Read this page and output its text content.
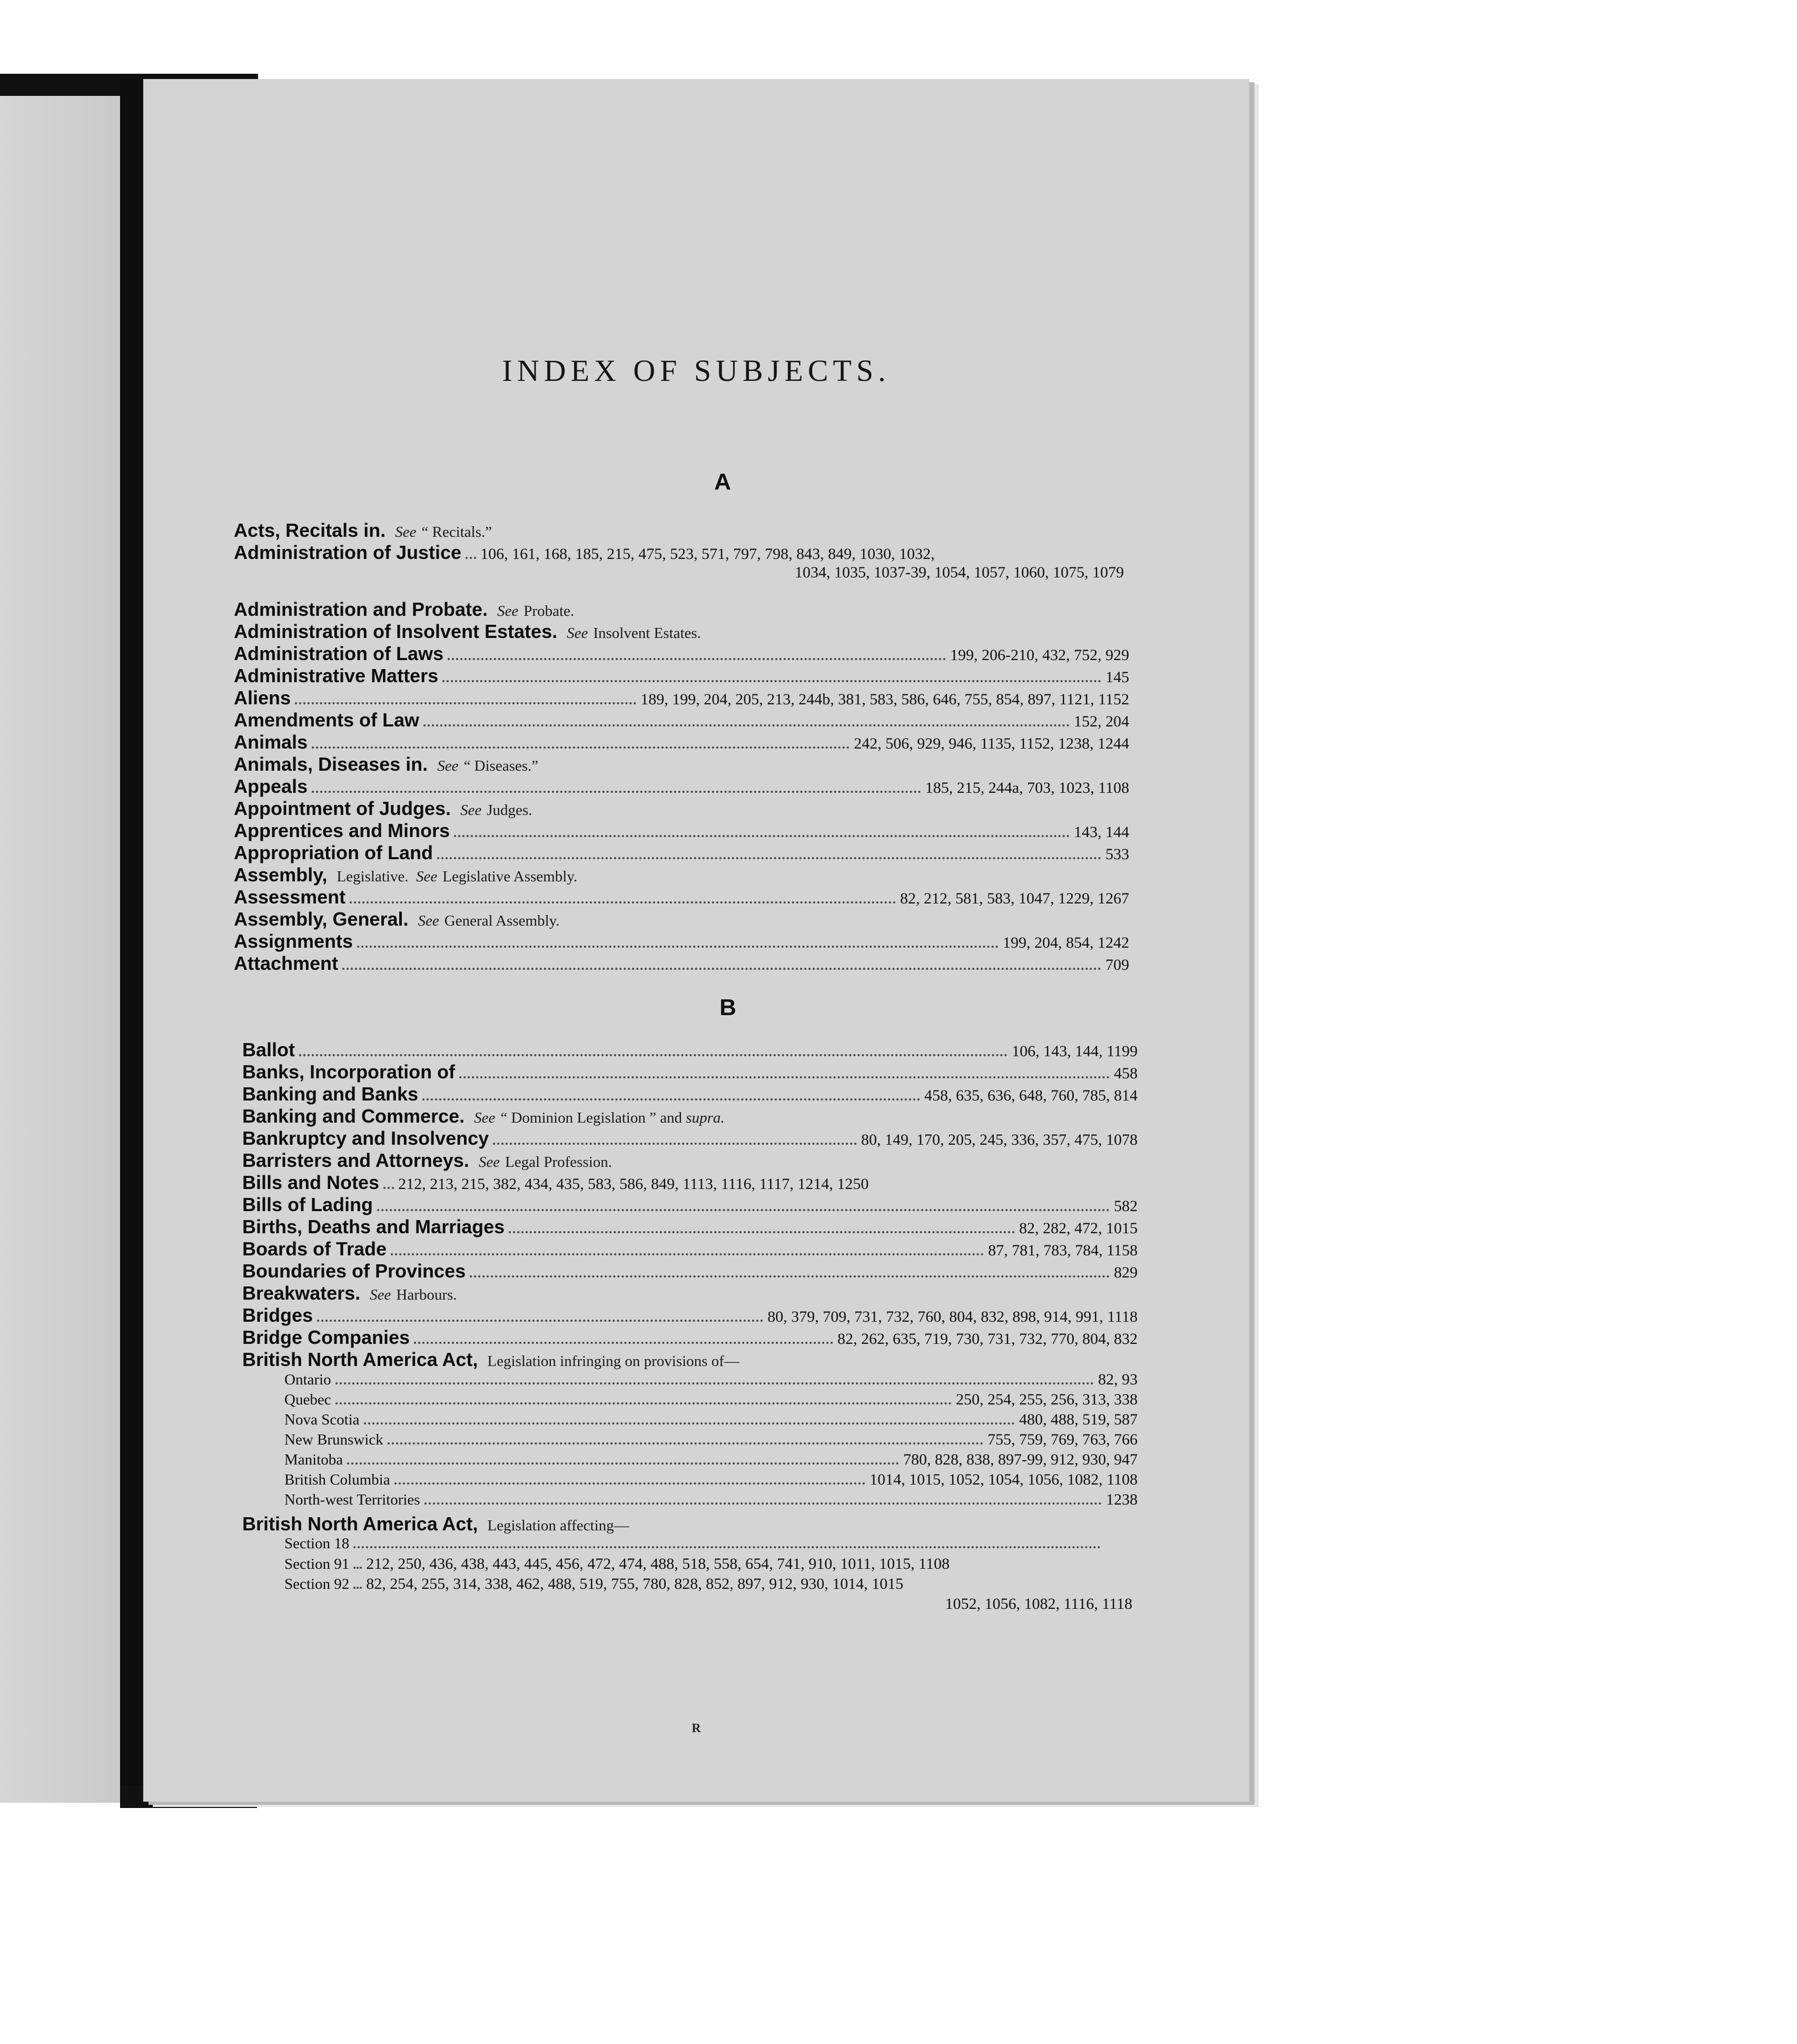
INDEX OF SUBJECTS.
A
Acts, Recitals in. See “ Recitals.”
Administration of Justice 106, 161, 168, 185, 215, 475, 523, 571, 797, 798, 843, 849, 1030, 1032,
1034, 1035, 1037-39, 1054, 1057, 1060, 1075, 1079
Administration and Probate. See Probate.
Administration of Insolvent Estates. See Insolvent Estates.
Administration of Laws	199, 206-210, 432, 752, 929
Administrative Matters	145
Aliens	189, 199, 204, 205, 213, 244b, 381, 583, 586, 646, 755, 854, 897, 1121, 1152
Amendments of Law	152, 204
Animals	242, 506, 929, 946, 1135, 1152, 1238, 1244
Animals, Diseases in. See “ Diseases.”
Appeals	185, 215, 244a, 703, 1023, 1108
Appointment of Judges. See Judges.
Apprentices and Minors	143, 144
Appropriation of Land	533
Assembly, Legislative. See Legislative Assembly.
Assessment	82, 212, 581, 583, 1047, 1229, 1267
Assembly, General. See General Assembly.
Assignments	199, 204, 854, 1242
Attachment	709
B
Ballot	106, 143, 144, 1199
Banks, Incorporation of	458
Banking and Banks	458, 635, 636, 648, 760, 785, 814
Banking and Commerce. See “ Dominion Legislation ” and supra.
Bankruptcy and Insolvency	80, 149, 170, 205, 245, 336, 357, 475, 1078
Barristers and Attorneys. See Legal Profession.
Bills and Notes 212, 213, 215, 382, 434, 435, 583, 586, 849, 1113, 1116, 1117, 1214, 1250
Bills of Lading	582
Births, Deaths and Marriages	82, 282, 472, 1015
Boards of Trade	87, 781, 783, 784, 1158
Boundaries of Provinces	829
Breakwaters. See Harbours.
Bridges	80, 379, 709, 731, 732, 760, 804, 832, 898, 914, 991, 1118
Bridge Companies	82, 262, 635, 719, 730, 731, 732, 770, 804, 832
British North America Act, Legislation infringing on provisions of—
Ontario	82, 93
Quebec	250, 254, 255, 256, 313, 338
Nova Scotia	480, 488, 519, 587
New Brunswick	755, 759, 769, 763, 766
Manitoba	780, 828, 838, 897-99, 912, 930, 947
British Columbia	1014, 1015, 1052, 1054, 1056, 1082, 1108
North-west Territories	1238
British North America Act, Legislation affecting—
Section 18
Section 91 212, 250, 436, 438, 443, 445, 456, 472, 474, 488, 518, 558, 654, 741, 910, 1011, 1015, 1108
Section 92 82, 254, 255, 314, 338, 462, 488, 519, 755, 780, 828, 852, 897, 912, 930, 1014, 1015
1052, 1056, 1082, 1116, 1118
R
